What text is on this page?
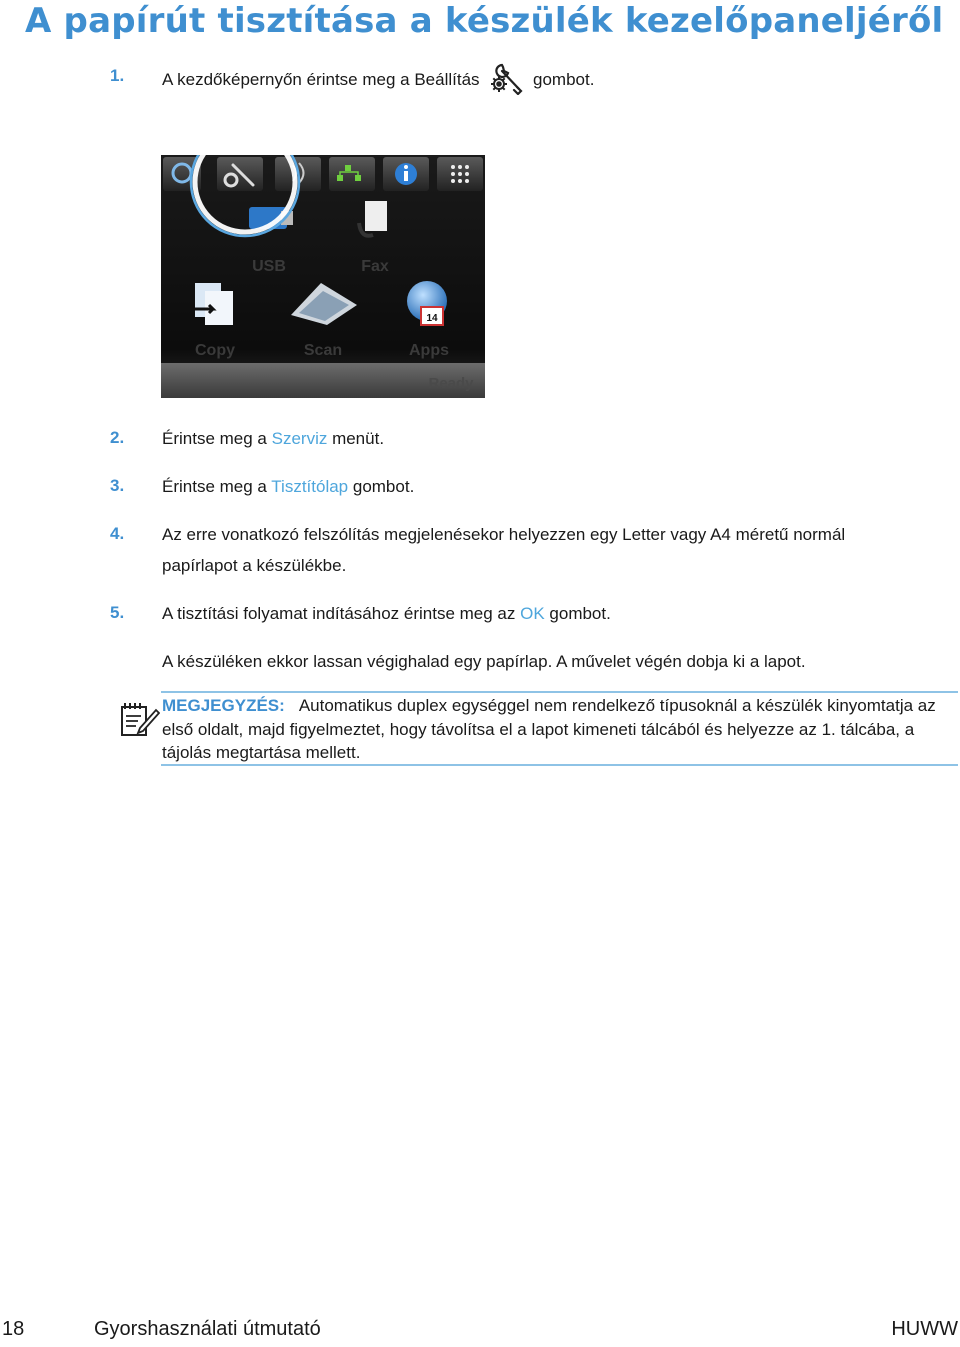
A papírút tisztítása a készülék kezelőpaneljéről
1. A kezdőképernyőn érintse meg a Beállítás	gombot.
14
USB	Fax
Copy	Scan	Apps
Ready
2. Érintse meg a Szerviz menüt.
3. Érintse meg a Tisztítólap gombot.
4. Az erre vonatkozó felszólítás megjelenésekor helyezzen egy Letter vagy A4 méretű normál
papírlapot a készülékbe.
5. A tisztítási folyamat indításához érintse meg az OK gombot.
A készüléken ekkor lassan végighalad egy papírlap. A művelet végén dobja ki a lapot.
MEGJEGYZÉS: Automatikus duplex egységgel nem rendelkező típusoknál a készülék kinyomtatja az első oldalt, majd figyelmeztet, hogy távolítsa el a lapot kimeneti tálcából és helyezze az 1. tálcába, a tájolás megtartása mellett.
18	Gyorshasználati útmutató	HUWW
